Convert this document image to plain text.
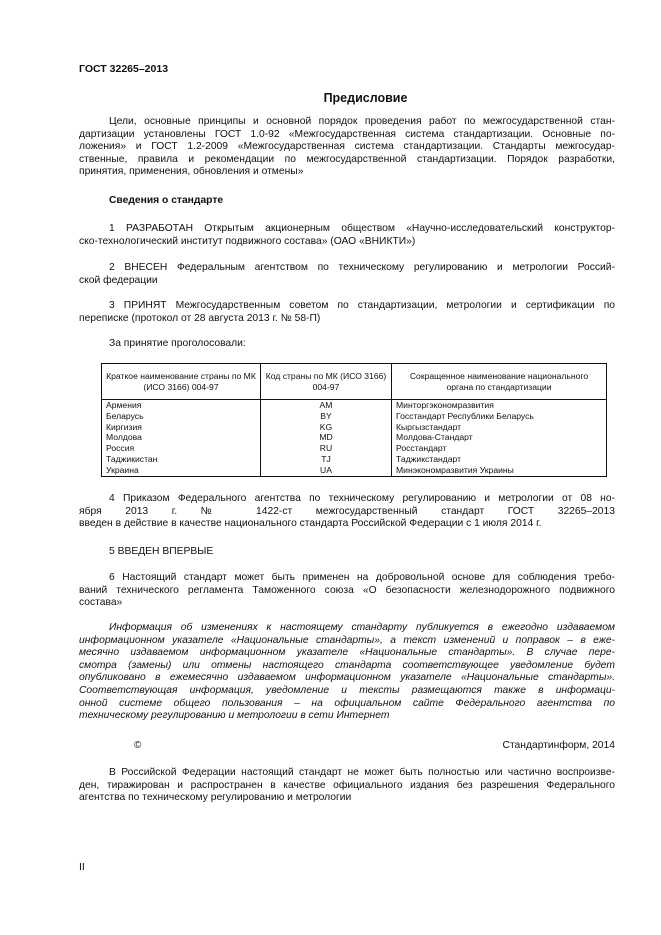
ГОСТ 32265–2013
Предисловие
Цели, основные принципы и основной порядок проведения работ по межгосударственной стан-
дартизации установлены ГОСТ 1.0-92 «Межгосударственная система стандартизации. Основные по-
ложения» и ГОСТ 1.2-2009 «Межгосударственная система стандартизации. Стандарты межгосудар-
ственные, правила и рекомендации по межгосударственной стандартизации. Порядок разработки,
принятия, применения, обновления и отмены»
Сведения о стандарте
1 РАЗРАБОТАН Открытым акционерным обществом «Научно-исследовательский конструктор-
ско-технологический институт подвижного состава» (ОАО «ВНИКТИ»)
2 ВНЕСЕН Федеральным агентством по техническому регулированию и метрологии Россий-
ской федерации
3 ПРИНЯТ Межгосударственным советом по стандартизации, метрологии и сертификации по
переписке (протокол от 28 августа 2013 г. № 58-П)
За принятие проголосовали:
Краткое наименование страны по МК (ИСО 3166) 004-97	Код страны по МК (ИСО 3166) 004-97	Сокращенное наименование национального органа по стандартизации
Армения	AM	Минторгэкономразвития
Беларусь	BY	Госстандарт Республики Беларусь
Киргизия	KG	Кыргызстандарт
Молдова	MD	Молдова-Стандарт
Россия	RU	Росстандарт
Таджикистан	TJ	Таджикстандарт
Украина	UA	Минэкономразвития Украины
4 Приказом Федерального агентства по техническому регулированию и метрологии от 08 но-
ября 2013 г. № 1422-ст межгосударственный стандарт ГОСТ 32265–2013
введен в действие в качестве национального стандарта Российской Федерации с 1 июля 2014 г.
5 ВВЕДЕН ВПЕРВЫЕ
6 Настоящий стандарт может быть применен на добровольной основе для соблюдения требо-
ваний технического регламента Таможенного союза «О безопасности железнодорожного подвижного
состава»
Информация об изменениях к настоящему стандарту публикуется в ежегодно издаваемом
информационном указателе «Национальные стандарты», а текст изменений и поправок – в еже-
месячно издаваемом информационном указателе «Национальные стандарты». В случае пере-
смотра (замены) или отмены настоящего стандарта соответствующее уведомление будет
опубликовано в ежемесячно издаваемом информационном указателе «Национальные стандарты».
Соответствующая информация, уведомление и тексты размещаются также в информаци-
онной системе общего пользования – на официальном сайте Федерального агентства по
техническому регулированию и метрологии в сети Интернет
©	Стандартинформ, 2014
В Российской Федерации настоящий стандарт не может быть полностью или частично воспроизве-
ден, тиражирован и распространен в качестве официального издания без разрешения Федерального
агентства по техническому регулированию и метрологии
II
